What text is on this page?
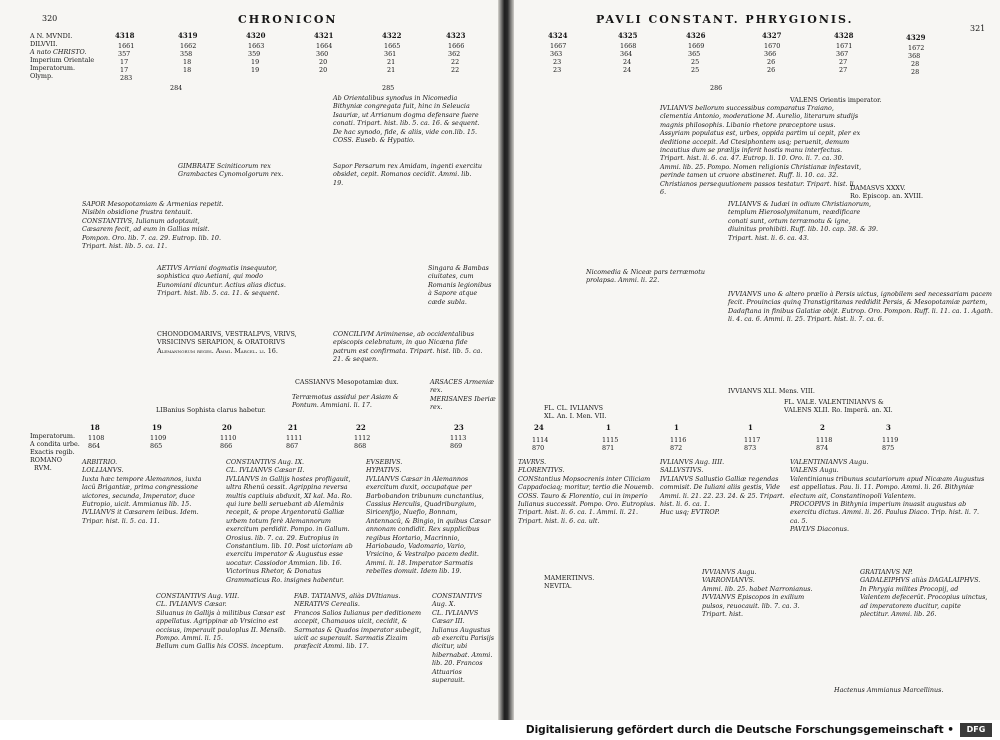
320	CHRONICON
A N. MVNDI.
DILVVII.
A nato CHRISTO.
Imperium Orientale
Imperatorum.
Olymp.
4318
1661
357
17
17
283
4319
1662
358
18
18
284
4320
1663
359
19
19
4321
1664
360
20
20
4322
1665
361
21
21
4323
1666
362
22
22
285
Ab Orientalibus synodus in Nicomedia Bithyniæ congregata fuit, hinc in Seleucia Isauriæ, ut Arrianum dogma defensare fuere conati. Tripart. hist. lib. 5. ca. 16. & sequent. De hac synodo, fide, & aliis, vide con.lib. 15. COSS. Euseb. & Hypatio.
GIMBRATE Sciniticorum rex
Grambactes Cynomolgorum rex.
Sapor Persarum rex Amidam, ingenti exercitu obsidet, cepit. Romanos cecidit. Ammi. lib. 19.
SAPOR Mesopotamiam & Armenias repetit. Nisibin obsidione frustra tentauit.
CONSTANTIVS, Iulianum adoptauit,
Cæsarem fecit, ad eum in Gallias misit. Pompon. Oro. lib. 7. ca. 29. Eutrop. lib. 10. Tripart. hist. lib. 5. ca. 11.
AETIVS Arriani dogmatis insequutor, sophistica quo Aetiani, qui modo Eunomiani dicuntur. Actius alias dictus. Tripart. hist. lib. 5. ca. 11. & sequent.
Singara & Bambas ciuitates, cum Romanis legionibus à Sapore atque cæde subla.
CHONODOMARIVS, VESTRALPVS, VRIVS, VRSICINVS SERAPION, & ORATORIVS Alemannorum reges. Ammi. Marcel. li. 16.
CONCILIVM Ariminense, ab occidentalibus episcopis celebratum, in quo Nicæna fide patrum est confirmata. Tripart. hist. lib. 5. ca. 21. & sequen.
CASSIANVS Mesopotamiæ dux.
Terræmotus assidui per Asiam & Pontum. Ammiani. li. 17.
ARSACES Armeniæ rex.
MERISANES Iberiæ rex.
LIBanius Sophista clarus habetur.
Imperatorum.
A condita urbe.
Exactis regib.
ROMANO
RVM.
18
1108
864
19
1109
865
20
1110
866
21
1111
867
22
1112
868
23
1113
869
ARBITRIO.
LOLLIANVS.
Iuxta hæc tempore Alemannos, iuxta lacû Brigantiæ, prima congressione uictores, secunda, Imperator, duce Eutropio, uicit. Ammianus lib. 15. IVLIANVS it Cæsarem leibus. Idem. Tripar. hist. li. 5. ca. 11.
CONSTANTIVS Aug. IX.
CL. IVLIANVS Cæsar II.
IVLIANVS in Gallijs hostes profligauit, ultra Rhenû cessit. Agrippina reversa multis captiuis abduxit, XI kal. Ma. Ro. qui iure belli seruebant ab Alemânis recepit, & prope Argentoratû Galliæ urbem totum ferè Alemannorum exercitum perdidit. Pompo. in Gallum. Orosius. lib. 7. ca. 29. Eutropius in Constantium. lib. 10. Post uictoriam ab exercitu imperator & Augustus esse uocatur. Cassiodor Ammian. lib. 16. Victorinus Rhetor, & Donatus Grammaticus Ro. insignes habentur.
EVSEBIVS.
HYPATIVS.
IVLIANVS Cæsar in Alemannos exercitum duxit, occupatque per Barbobandon tribunum cunctantius, Cassius Herculis, Quadriburgium, Siricenfijo, Nuefio, Bonnam, Antennacû, & Bingio, in quibus Cæsar annonam condidit. Rex supplicibus regibus Hortario, Macrinnio, Hariobaudo, Vadomario, Vario, Vrsicino, & Vestralpo pacem dedit. Ammi. li. 18. Imperator Sarmatis rebelles domuit. Idem lib. 19.
CONSTANTIVS Aug. VIII.
CL. IVLIANVS Cæsar.
Siluanus in Gallijs à militibus Cæsar est appellatus. Agrippinæ ab Vrsicino est occisus, imperauit pauloplus II. Mensib. Pompo. Ammi. li. 15.
Bellum cum Gallis his COSS. inceptum.
FAB. TATIANVS, aliàs DVItianus.
NERATIVS Cerealis.
Francos Salios Iulianus per deditionem accepit, Chamauos uicit, cecidit, & Sarmatas & Quados imperator subegit, uicit ac superauit. Sarmatis Zizaim præfecit Ammi. lib. 17.
CONSTANTIVS Aug. X.
CL. IVLIANVS Cæsar III.
Iulianus Augustus ab exercitu Parisijs dicitur, ubi hibernabat. Ammi. lib. 20. Francos Attuarios superauit.
PAVLI CONSTANT. PHRYGIONIS.
321
4324
1667
363
23
23
4325
1668
364
24
24
4326
1669
365
25
25
286
4327
1670
366
26
26
4328
1671
367
27
27
4329
1672
368
28
28
VALENS Orientis imperator.
IVLIANVS bellorum successibus comparatus Traiano, clementia Antonio, moderatione M. Aurelio, literarum studijs magnis philosophis. Libanio rhetore præceptore usus. Assyriam populatus est, urbes, oppida partim ui cepit, pler ex deditione accepit. Ad Ctesiphontem usq; peruenit, demum incautius dum se prælijs inferit hostis manu interfectus. Tripart. hist. li. 6. ca. 47. Eutrop. li. 10. Oro. li. 7. ca. 30. Ammi. lib. 25. Pompo. Nomen religionis Christianæ infestavit, perinde tamen ut cruore abstineret. Ruff. li. 10. ca. 32. Christianos persequutionem passos testatur. Tripart. hist. li. 6.
DAMASVS XXXV.
Ro. Episcop. an. XVIII.
IVLIANVS & Iudæi in odium Christianorum, templum Hierosolymitanum, reædificare conati sunt, ortum terræmotu & igne, diuinitus prohibiti. Ruff. lib. 10. cap. 38. & 39. Tripart. hist. li. 6. ca. 43.
Nicomedia & Niceæ pars terræmotu prolapsa. Ammi. li. 22.
IVVIANVS uno & altero prælio à Persis uictus, ignobilem sed necessariam pacem fecit. Prouincias quinq Transtigritanas reddidit Persis, & Mesopotamiæ partem, Dadaftana in finibus Galatiæ obijt. Eutrop. Oro. Pompon. Ruff. li. 11. ca. 1. Agath. li. 4. ca. 6. Ammi. li. 25. Tripart. hist. li. 7. ca. 6.
IVVIANVS XLI. Mens. VIII.
FL. CL. IVLIANVS
XL. An. I. Men. VII.
FL. VALE. VALENTINIANVS &
VALENS XLII. Ro. Imperâ. an. XI.
24
1114
870
1
1115
871
1
1116
872
1
1117
873
2
1118
874
3
1119
875
TAVRVS.
FLORENTIVS.
CONStantius Mopsocrenis inter Ciliciam Cappadociaq; moritur, tertio die Nouemb. COSS. Tauro & Florentio, cui in imperio Iulianus successit. Pompo. Oro. Eutropius. Tripart. hist. li. 6. ca. 1. Ammi. li. 21. Tripart. hist. li. 6. ca. ult.
IVLIANVS Aug. IIII.
SALLVSTIVS.
IVLIANVS Sallustio Galliæ regendas commisit. De Iuliani aliis gestis, Vide Ammi. li. 21. 22. 23. 24. & 25. Tripart. hist. li. 6. ca. 1.
Huc usq; EVTROP.
VALENTINIANVS Augu.
VALENS Augu.
Valentinianus tribunus scutariorum apud Nicæam Augustus est appellatus. Pau. li. 11. Pompo. Ammi. li. 26. Bithyniæ electum ait, Constantinopoli Valentem.
PROCOPIVS in Bithynia imperium inuasit augustus ab exercitu dictus. Ammi. li. 26. Paulus Diaco. Trip. hist. li. 7. ca. 5.
PAVLVS Diaconus.
MAMERTINVS.
NEVITA.
IVVIANVS Augu.
VARRONIANVS.
Ammi. lib. 25. habet Narronianus.
IVVIANVS Episcopos in exilium pulsos, reuocauit. lib. 7. ca. 3. Tripart. hist.
GRATIANVS NP.
GADALEIPHVS aliàs DAGALAIPHVS.
In Phrygia milites Procopij, ad Valentem defecerût. Procopius uinctus, ad imperatorem ducitur, capite plectitur. Ammi. lib. 26.
Hactenus Ammianus Marcellinus.
Digitalisierung gefördert durch die Deutsche Forschungsgemeinschaft •	DFG
